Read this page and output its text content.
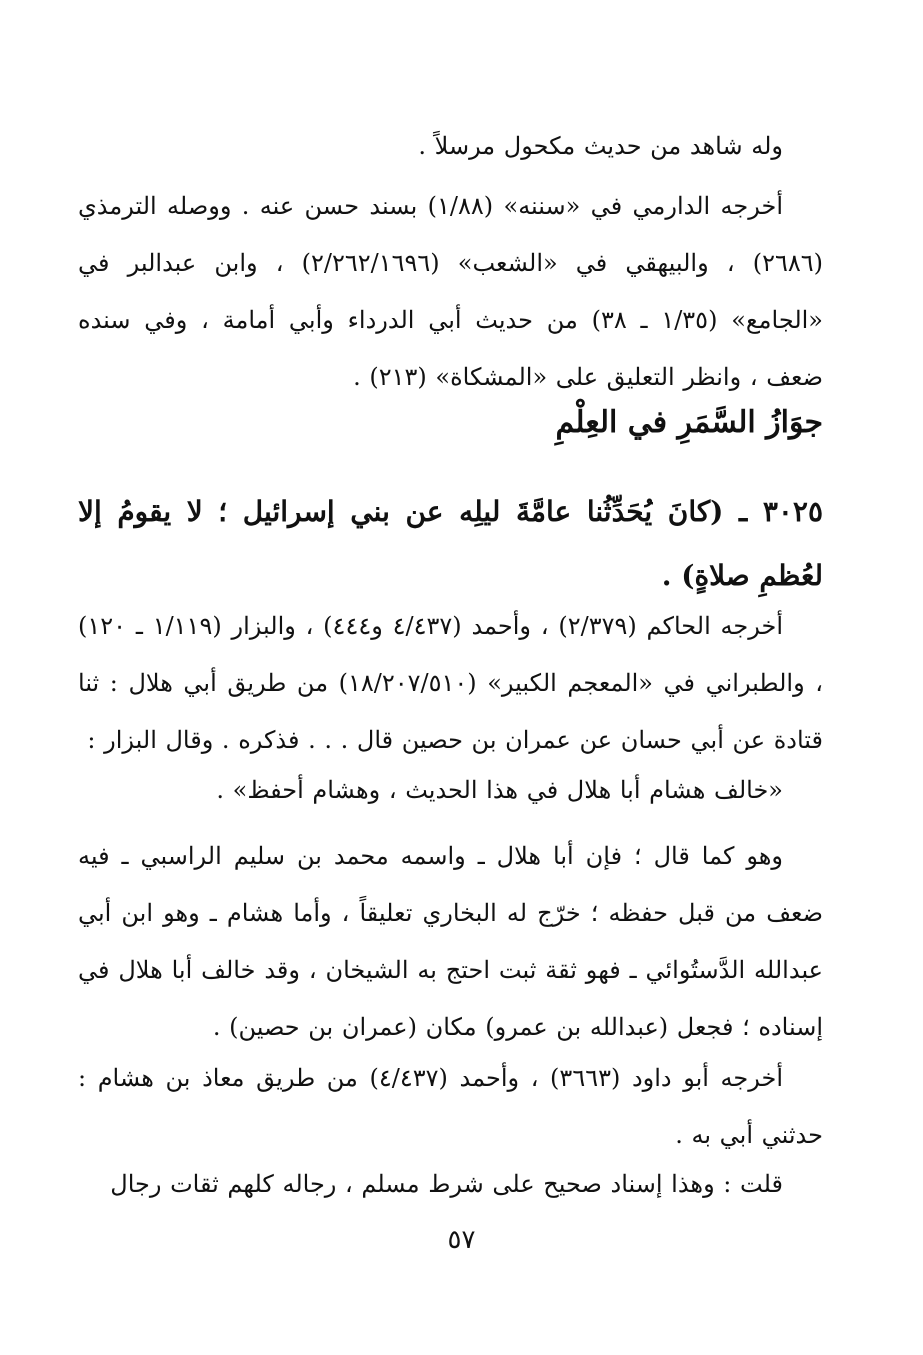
وله شاهد من حديث مكحول مرسلاً .
أخرجه الدارمي في «سننه» (١/٨٨) بسند حسن عنه . ووصله الترمذي (٢٦٨٦) ، والبيهقي في «الشعب» (٢/٢٦٢/١٦٩٦) ، وابن عبدالبر في «الجامع» (١/٣٥ ـ ٣٨) من حديث أبي الدرداء وأبي أمامة ، وفي سنده ضعف ، وانظر التعليق على «المشكاة» (٢١٣) .
جوَازُ السَّمَرِ في العِلْمِ
٣٠٢٥ ـ (كانَ يُحَدِّثُنا عامَّةَ ليلِه عن بني إسرائيل ؛ لا يقومُ إلا لعُظمِ صلاةٍ) .
أخرجه الحاكم (٢/٣٧٩) ، وأحمد (٤/٤٣٧ و٤٤٤) ، والبزار (١/١١٩ ـ ١٢٠) ، والطبراني في «المعجم الكبير» (١٨/٢٠٧/٥١٠) من طريق أبي هلال : ثنا قتادة عن أبي حسان عن عمران بن حصين قال . . . فذكره . وقال البزار :
«خالف هشام أبا هلال في هذا الحديث ، وهشام أحفظ» .
وهو كما قال ؛ فإن أبا هلال ـ واسمه محمد بن سليم الراسبي ـ فيه ضعف من قبل حفظه ؛ خرّج له البخاري تعليقاً ، وأما هشام ـ وهو ابن أبي عبدالله الدَّستُوائي ـ فهو ثقة ثبت احتج به الشيخان ، وقد خالف أبا هلال في إسناده ؛ فجعل (عبدالله بن عمرو) مكان (عمران بن حصين) .
أخرجه أبو داود (٣٦٦٣) ، وأحمد (٤/٤٣٧) من طريق معاذ بن هشام : حدثني أبي به .
قلت : وهذا إسناد صحيح على شرط مسلم ، رجاله كلهم ثقات رجال
٥٧
